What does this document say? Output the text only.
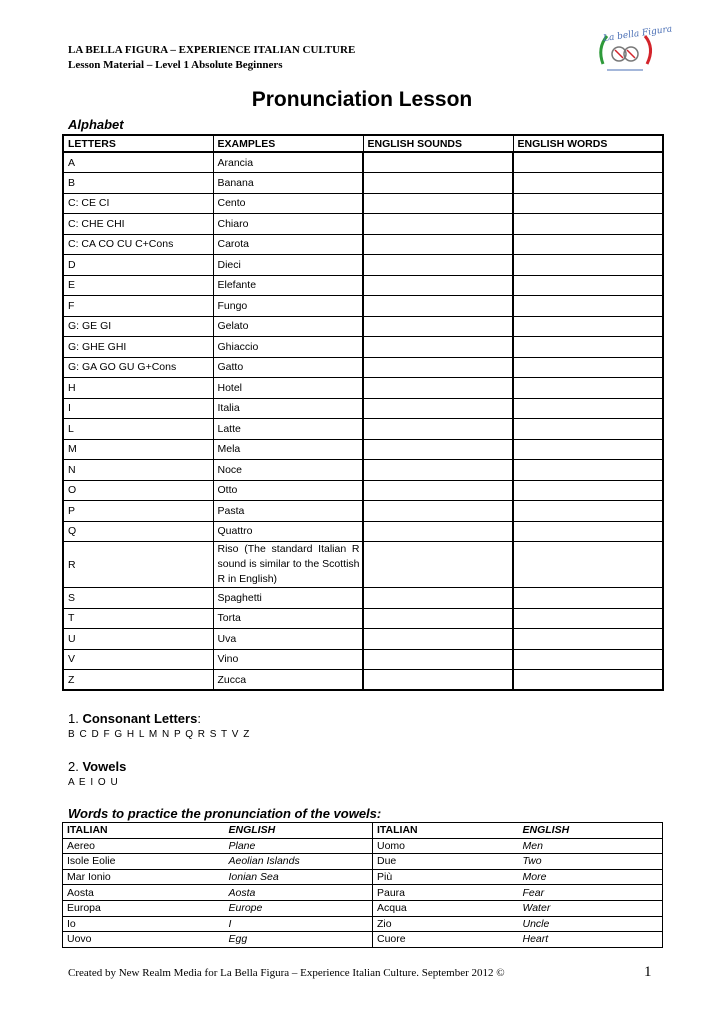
LA BELLA FIGURA – EXPERIENCE ITALIAN CULTURE
Lesson Material – Level 1 Absolute Beginners
La bella Figura
Pronunciation Lesson
Alphabet
LETTERS	EXAMPLES	ENGLISH SOUNDS	ENGLISH WORDS
A	Arancia		
B	Banana		
C: CE CI	Cento		
C: CHE CHI	Chiaro		
C: CA CO CU C+Cons	Carota		
D	Dieci		
E	Elefante		
F	Fungo		
G: GE GI	Gelato		
G: GHE GHI	Ghiaccio		
G: GA GO GU G+Cons	Gatto		
H	Hotel		
I	Italia		
L	Latte		
M	Mela		
N	Noce		
O	Otto		
P	Pasta		
Q	Quattro		
R	Riso (The standard Italian R sound is similar to the Scottish R in English)		

S	Spaghetti		
T	Torta		
U	Uva		
V	Vino		
Z	Zucca		
1. Consonant Letters:
B C D F G H L M N P Q R S T V Z
2. Vowels
A E I O U
Words to practice the pronunciation of the vowels:
ITALIAN	ENGLISH	ITALIAN	ENGLISH
Aereo	Plane	Uomo	Men
Isole Eolie	Aeolian Islands	Due	Two
Mar Ionio	Ionian Sea	Più	More
Aosta	Aosta	Paura	Fear
Europa	Europe	Acqua	Water
Io	I	Zio	Uncle
Uovo	Egg	Cuore	Heart
Created by New Realm Media for La Bella Figura – Experience Italian Culture. September 2012 ©	1
